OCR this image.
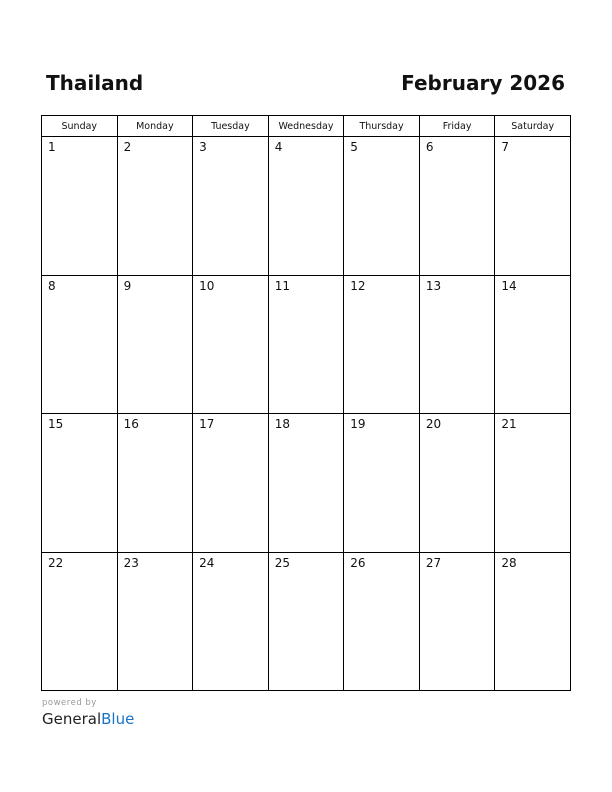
Thailand	February 2026
Sunday	Monday	Tuesday	Wednesday	Thursday	Friday	Saturday

1	2	3	4	5	6	7

8	9	10	11	12	13	14

15	16	17	18	19	20	21

22	23	24	25	26	27	28
powered by
GeneralBlue
